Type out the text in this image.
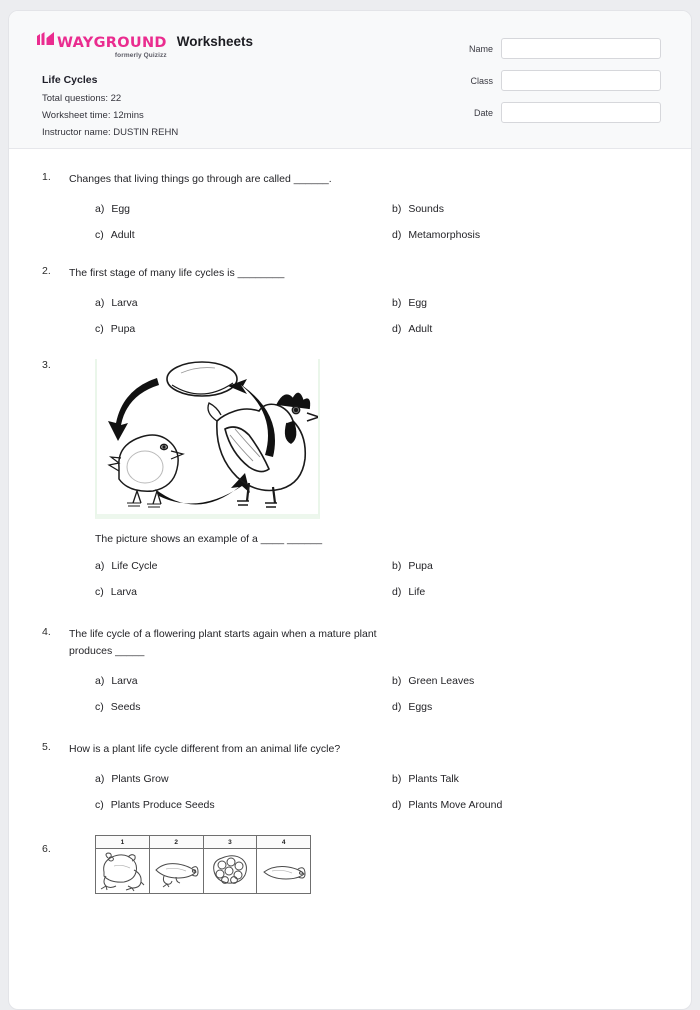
WAYGROUND
formerly Quizizz
Worksheets
Life Cycles
Total questions: 22
Worksheet time: 12mins
Instructor name: DUSTIN REHN
Name
Class
Date
1. Changes that living things go through are called ______.
a) Egg	b) Sounds
c) Adult	d) Metamorphosis
2. The first stage of many life cycles is ________
a) Larva	b) Egg
c) Pupa	d) Adult
3.
The picture shows an example of a ____ ______
a) Life Cycle	b) Pupa
c) Larva	d) Life
4. The life cycle of a flowering plant starts again when a mature plant produces _____
a) Larva	b) Green Leaves
c) Seeds	d) Eggs
5. How is a plant life cycle different from an animal life cycle?
a) Plants Grow	b) Plants Talk
c) Plants Produce Seeds	d) Plants Move Around
6.
1	2	3	4
